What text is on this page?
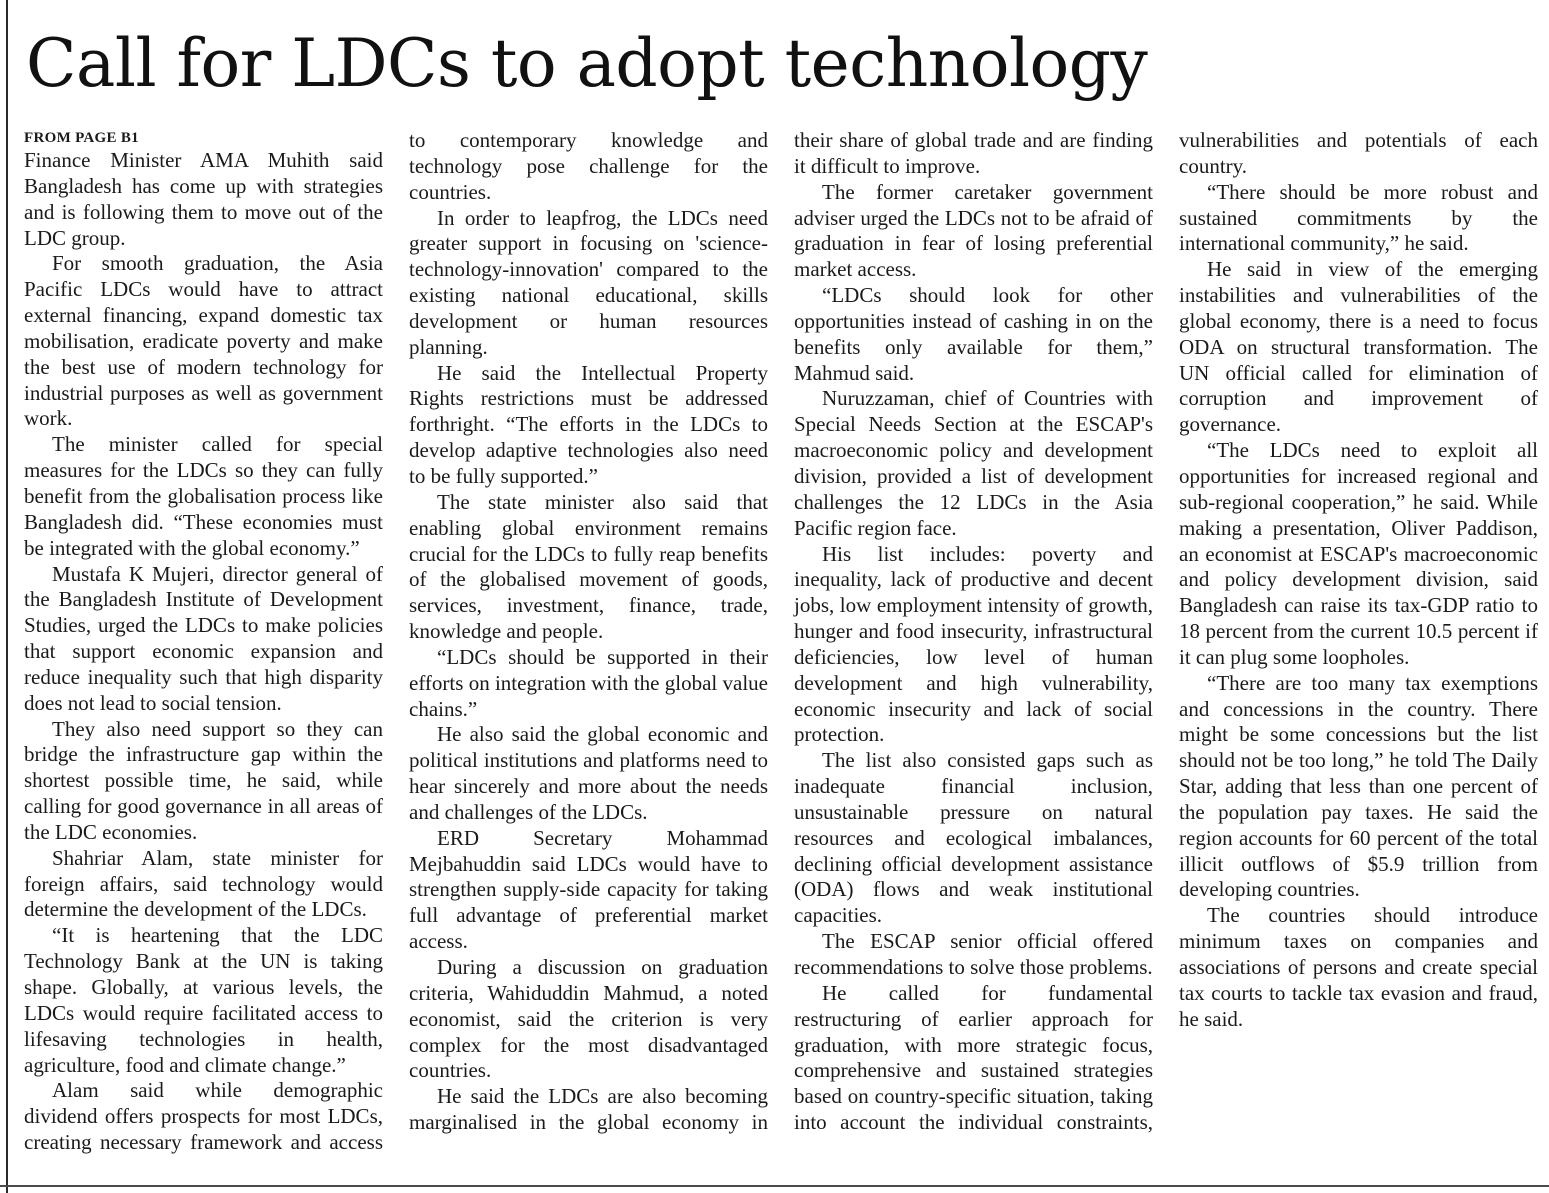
Call for LDCs to adopt technology
FROM PAGE B1

Finance Minister AMA Muhith said Bangladesh has come up with strategies and is following them to move out of the LDC group.

For smooth graduation, the Asia Pacific LDCs would have to attract external financing, expand domestic tax mobilisation, eradicate poverty and make the best use of modern technology for industrial purposes as well as government work.

The minister called for special measures for the LDCs so they can fully benefit from the globalisation process like Bangladesh did. “These economies must be integrated with the global economy.”

Mustafa K Mujeri, director general of the Bangladesh Institute of Development Studies, urged the LDCs to make policies that support economic expansion and reduce inequality such that high disparity does not lead to social tension.

They also need support so they can bridge the infrastructure gap within the shortest possible time, he said, while calling for good governance in all areas of the LDC economies.

Shahriar Alam, state minister for foreign affairs, said technology would determine the development of the LDCs.

“It is heartening that the LDC Technology Bank at the UN is taking shape. Globally, at various levels, the LDCs would require facilitated access to lifesaving technologies in health, agriculture, food and climate change.”

Alam said while demographic dividend offers prospects for most LDCs, creating necessary framework and access to contemporary knowledge and technology pose challenge for the countries.

In order to leapfrog, the LDCs need greater support in focusing on 'science-technology-innovation' compared to the existing national educational, skills development or human resources planning.

He said the Intellectual Property Rights restrictions must be addressed forthright. “The efforts in the LDCs to develop adaptive technologies also need to be fully supported.”

The state minister also said that enabling global environment remains crucial for the LDCs to fully reap benefits of the globalised movement of goods, services, investment, finance, trade, knowledge and people.

“LDCs should be supported in their efforts on integration with the global value chains.”

He also said the global economic and political institutions and platforms need to hear sincerely and more about the needs and challenges of the LDCs.

ERD Secretary Mohammad Mejbahuddin said LDCs would have to strengthen supply-side capacity for taking full advantage of preferential market access.

During a discussion on graduation criteria, Wahiduddin Mahmud, a noted economist, said the criterion is very complex for the most disadvantaged countries.

He said the LDCs are also becoming marginalised in the global economy in their share of global trade and are finding it difficult to improve.

The former caretaker government adviser urged the LDCs not to be afraid of graduation in fear of losing preferential market access.

“LDCs should look for other opportunities instead of cashing in on the benefits only available for them,” Mahmud said.

Nuruzzaman, chief of Countries with Special Needs Section at the ESCAP's macroeconomic policy and development division, provided a list of development challenges the 12 LDCs in the Asia Pacific region face.

His list includes: poverty and inequality, lack of productive and decent jobs, low employment intensity of growth, hunger and food insecurity, infrastructural deficiencies, low level of human development and high vulnerability, economic insecurity and lack of social protection.

The list also consisted gaps such as inadequate financial inclusion, unsustainable pressure on natural resources and ecological imbalances, declining official development assistance (ODA) flows and weak institutional capacities.

The ESCAP senior official offered recommendations to solve those problems.

He called for fundamental restructuring of earlier approach for graduation, with more strategic focus, comprehensive and sustained strategies based on country-specific situation, taking into account the individual constraints, vulnerabilities and potentials of each country.

“There should be more robust and sustained commitments by the international community,” he said.

He said in view of the emerging instabilities and vulnerabilities of the global economy, there is a need to focus ODA on structural transformation. The UN official called for elimination of corruption and improvement of governance.

“The LDCs need to exploit all opportunities for increased regional and sub-regional cooperation,” he said. While making a presentation, Oliver Paddison, an economist at ESCAP's macroeconomic and policy development division, said Bangladesh can raise its tax-GDP ratio to 18 percent from the current 10.5 percent if it can plug some loopholes.

“There are too many tax exemptions and concessions in the country. There might be some concessions but the list should not be too long,” he told The Daily Star, adding that less than one percent of the population pay taxes. He said the region accounts for 60 percent of the total illicit outflows of $5.9 trillion from developing countries.

The countries should introduce minimum taxes on companies and associations of persons and create special tax courts to tackle tax evasion and fraud, he said.
